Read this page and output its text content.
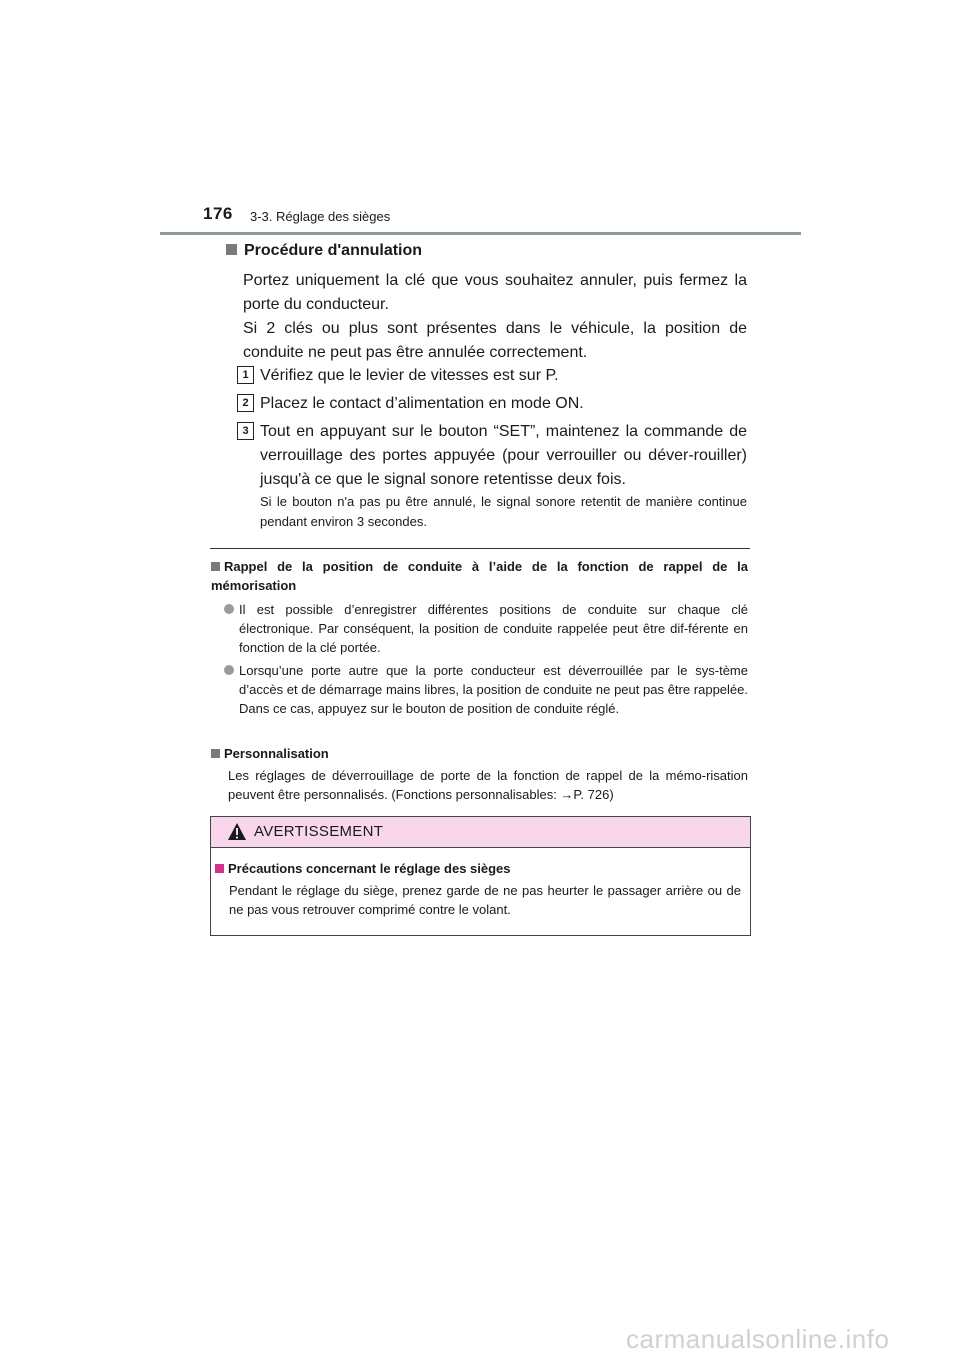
176 3-3. Réglage des sièges
Procédure d'annulation
Portez uniquement la clé que vous souhaitez annuler, puis fermez la porte du conducteur.
Si 2 clés ou plus sont présentes dans le véhicule, la position de conduite ne peut pas être annulée correctement.
1 Vérifiez que le levier de vitesses est sur P.
2 Placez le contact d’alimentation en mode ON.
3 Tout en appuyant sur le bouton “SET”, maintenez la commande de verrouillage des portes appuyée (pour verrouiller ou déver-rouiller) jusqu'à ce que le signal sonore retentisse deux fois.
Si le bouton n'a pas pu être annulé, le signal sonore retentit de manière continue pendant environ 3 secondes.
Rappel de la position de conduite à l’aide de la fonction de rappel de la mémorisation
Il est possible d’enregistrer différentes positions de conduite sur chaque clé électronique. Par conséquent, la position de conduite rappelée peut être dif-férente en fonction de la clé portée.
Lorsqu’une porte autre que la porte conducteur est déverrouillée par le sys-tème d’accès et de démarrage mains libres, la position de conduite ne peut pas être rappelée. Dans ce cas, appuyez sur le bouton de position de conduite réglé.
Personnalisation
Les réglages de déverrouillage de porte de la fonction de rappel de la mémo-risation peuvent être personnalisés. (Fonctions personnalisables: →P. 726)
AVERTISSEMENT
Précautions concernant le réglage des sièges
Pendant le réglage du siège, prenez garde de ne pas heurter le passager arrière ou de ne pas vous retrouver comprimé contre le volant.
carmanualsonline.info
